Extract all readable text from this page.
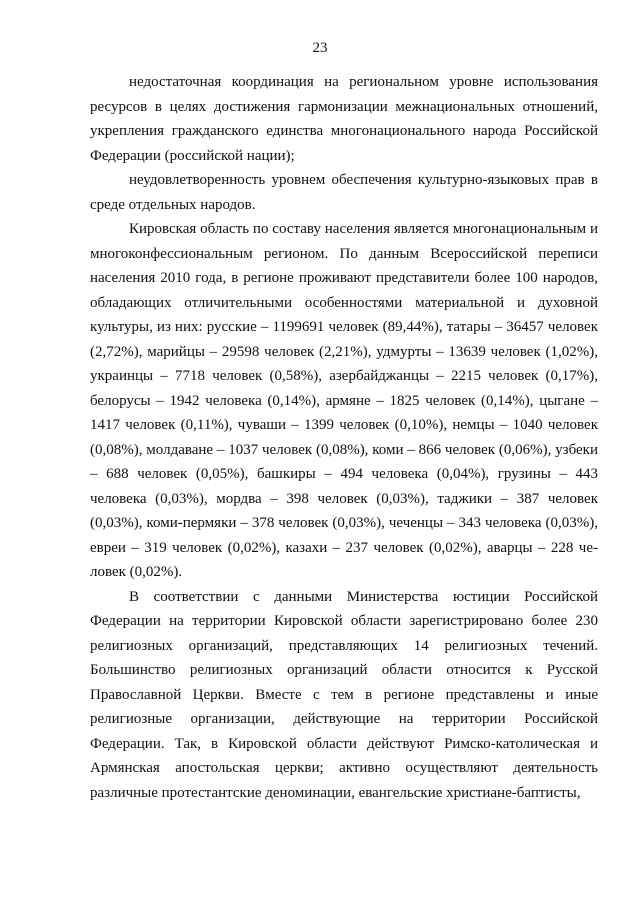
23

недостаточная координация на региональном уровне использования ресурсов в целях достижения гармонизации межнациональных отношений, укрепления гражданского единства многонационального народа Российской Федерации (российской нации);

неудовлетворенность уровнем обеспечения культурно-языковых прав в среде отдельных народов.

Кировская область по составу населения является многонациональным и многоконфессиональным регионом. По данным Всероссийской переписи населения 2010 года, в регионе проживают представители более 100 народов, обладающих отличительными особенностями материальной и духовной культуры, из них: русские – 1199691 человек (89,44%), татары – 36457 человек (2,72%), марийцы – 29598 человек (2,21%), удмурты – 13639 человек (1,02%), украинцы – 7718 человек (0,58%), азербайджанцы – 2215 человек (0,17%), белорусы – 1942 человека (0,14%), армяне – 1825 человек (0,14%), цыгане – 1417 человек (0,11%), чуваши – 1399 человек (0,10%), немцы – 1040 человек (0,08%), молдаване – 1037 человек (0,08%), коми – 866 человек (0,06%), узбеки – 688 человек (0,05%), башкиры – 494 человека (0,04%), грузины – 443 человека (0,03%), мордва – 398 человек (0,03%), таджики – 387 человек (0,03%), коми-пермяки – 378 человек (0,03%), чеченцы – 343 человека (0,03%), евреи – 319 человек (0,02%), казахи – 237 человек (0,02%), аварцы – 228 человек (0,02%).

В соответствии с данными Министерства юстиции Российской Федерации на территории Кировской области зарегистрировано более 230 религиозных организаций, представляющих 14 религиозных течений. Большинство религиозных организаций области относится к Русской Православной Церкви. Вместе с тем в регионе представлены и иные религиозные организации, действующие на территории Российской Федерации. Так, в Кировской области действуют Римско-католическая и Армянская апостольская церкви; активно осуществляют деятельность различные протестантские деноминации, евангельские христиане-баптисты,
